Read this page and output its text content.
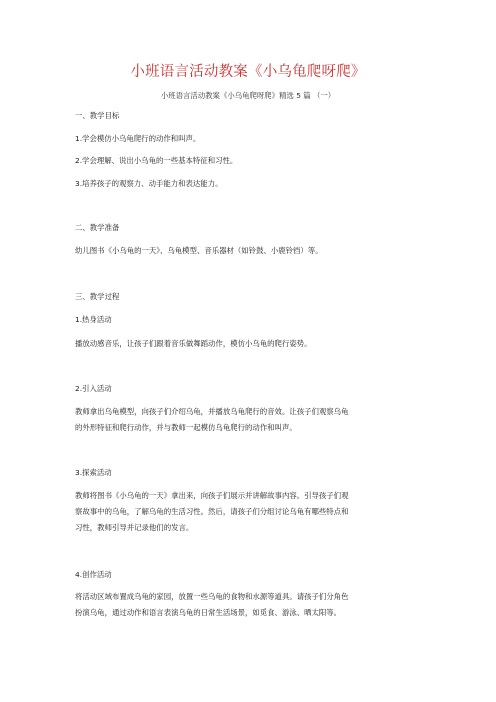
小班语言活动教案《小乌龟爬呀爬》
小班语言活动教案《小乌龟爬呀爬》精选 5 篇 （一）
一、教学目标
1.学会模仿小乌龟爬行的动作和叫声。
2.学会理解、说出小乌龟的一些基本特征和习性。
3.培养孩子的观察力、动手能力和表达能力。
二、教学准备
幼儿图书《小乌龟的一天》、乌龟模型、音乐器材（如铃鼓、小鹿铃铛）等。
三、教学过程
1.热身活动
播放动感音乐，让孩子们跟着音乐做舞蹈动作，模仿小乌龟的爬行姿势。
2.引入活动
教师拿出乌龟模型，向孩子们介绍乌龟，并播放乌龟爬行的音效。让孩子们观察乌龟
的外形特征和爬行动作，并与教师一起模仿乌龟爬行的动作和叫声。
3.探索活动
教师将图书《小乌龟的一天》拿出来，向孩子们展示并讲解故事内容。引导孩子们观
察故事中的乌龟，了解乌龟的生活习性。然后，请孩子们分组讨论乌龟有哪些特点和
习性，教师引导并记录他们的发言。
4.创作活动
将活动区域布置成乌龟的家园，放置一些乌龟的食物和水源等道具。请孩子们分角色
扮演乌龟，通过动作和语言表演乌龟的日常生活场景，如觅食、游泳、晒太阳等。
